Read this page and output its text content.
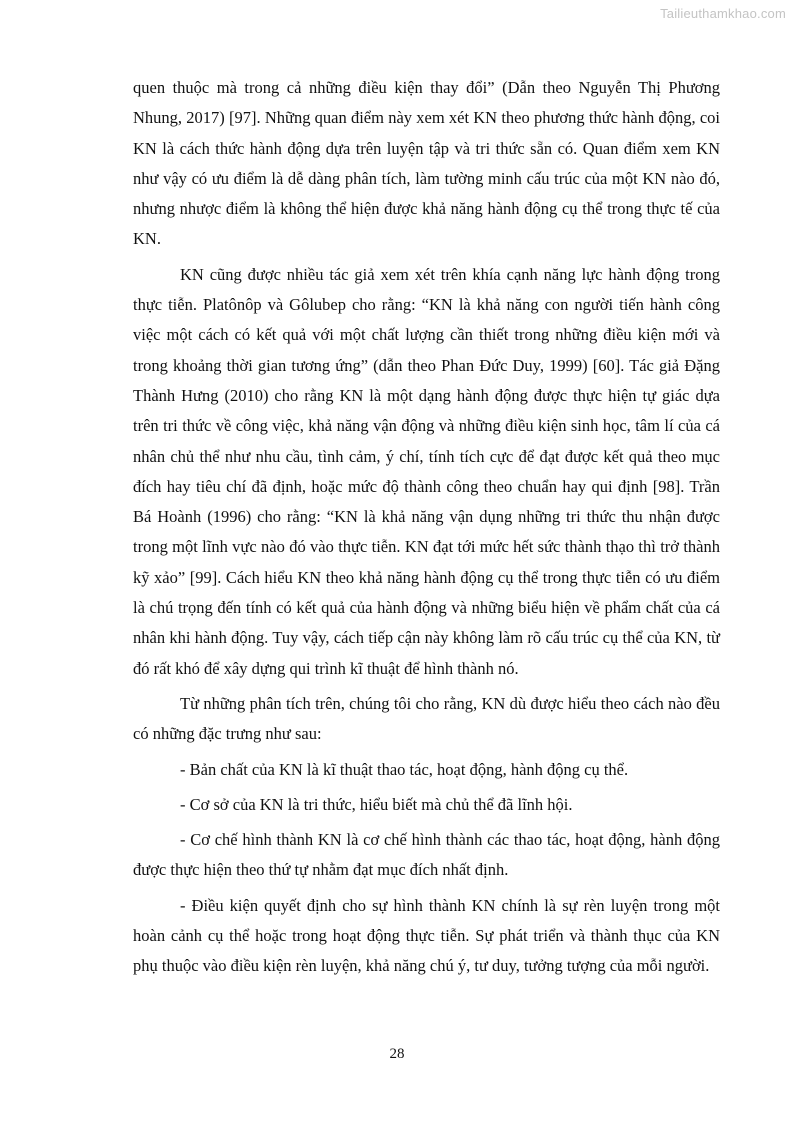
Tailieuthamkhao.com

quen thuộc mà trong cả những điều kiện thay đổi” (Dẫn theo Nguyễn Thị Phương Nhung, 2017) [97]. Những quan điểm này xem xét KN theo phương thức hành động, coi KN là cách thức hành động dựa trên luyện tập và tri thức sẵn có. Quan điểm xem KN như vậy có ưu điểm là dễ dàng phân tích, làm tường minh cấu trúc của một KN nào đó, nhưng nhược điểm là không thể hiện được khả năng hành động cụ thể trong thực tế của KN.

KN cũng được nhiều tác giả xem xét trên khía cạnh năng lực hành động trong thực tiễn. Platônôp và Gôlubep cho rằng: “KN là khả năng con người tiến hành công việc một cách có kết quả với một chất lượng cần thiết trong những điều kiện mới và trong khoảng thời gian tương ứng” (dẫn theo Phan Đức Duy, 1999) [60]. Tác giả Đặng Thành Hưng (2010) cho rằng KN là một dạng hành động được thực hiện tự giác dựa trên tri thức về công việc, khả năng vận động và những điều kiện sinh học, tâm lí của cá nhân chủ thể như nhu cầu, tình cảm, ý chí, tính tích cực để đạt được kết quả theo mục đích hay tiêu chí đã định, hoặc mức độ thành công theo chuẩn hay qui định [98]. Trần Bá Hoành (1996) cho rằng: “KN là khả năng vận dụng những tri thức thu nhận được trong một lĩnh vực nào đó vào thực tiễn. KN đạt tới mức hết sức thành thạo thì trở thành kỹ xảo” [99]. Cách hiểu KN theo khả năng hành động cụ thể trong thực tiễn có ưu điểm là chú trọng đến tính có kết quả của hành động và những biểu hiện về phẩm chất của cá nhân khi hành động. Tuy vậy, cách tiếp cận này không làm rõ cấu trúc cụ thể của KN, từ đó rất khó để xây dựng qui trình kĩ thuật để hình thành nó.

Từ những phân tích trên, chúng tôi cho rằng, KN dù được hiểu theo cách nào đều có những đặc trưng như sau:

- Bản chất của KN là kĩ thuật thao tác, hoạt động, hành động cụ thể.

- Cơ sở của KN là tri thức, hiểu biết mà chủ thể đã lĩnh hội.

- Cơ chế hình thành KN là cơ chế hình thành các thao tác, hoạt động, hành động được thực hiện theo thứ tự nhằm đạt mục đích nhất định.

- Điều kiện quyết định cho sự hình thành KN chính là sự rèn luyện trong một hoàn cảnh cụ thể hoặc trong hoạt động thực tiễn. Sự phát triển và thành thục của KN phụ thuộc vào điều kiện rèn luyện, khả năng chú ý, tư duy, tưởng tượng của mỗi người.

28
